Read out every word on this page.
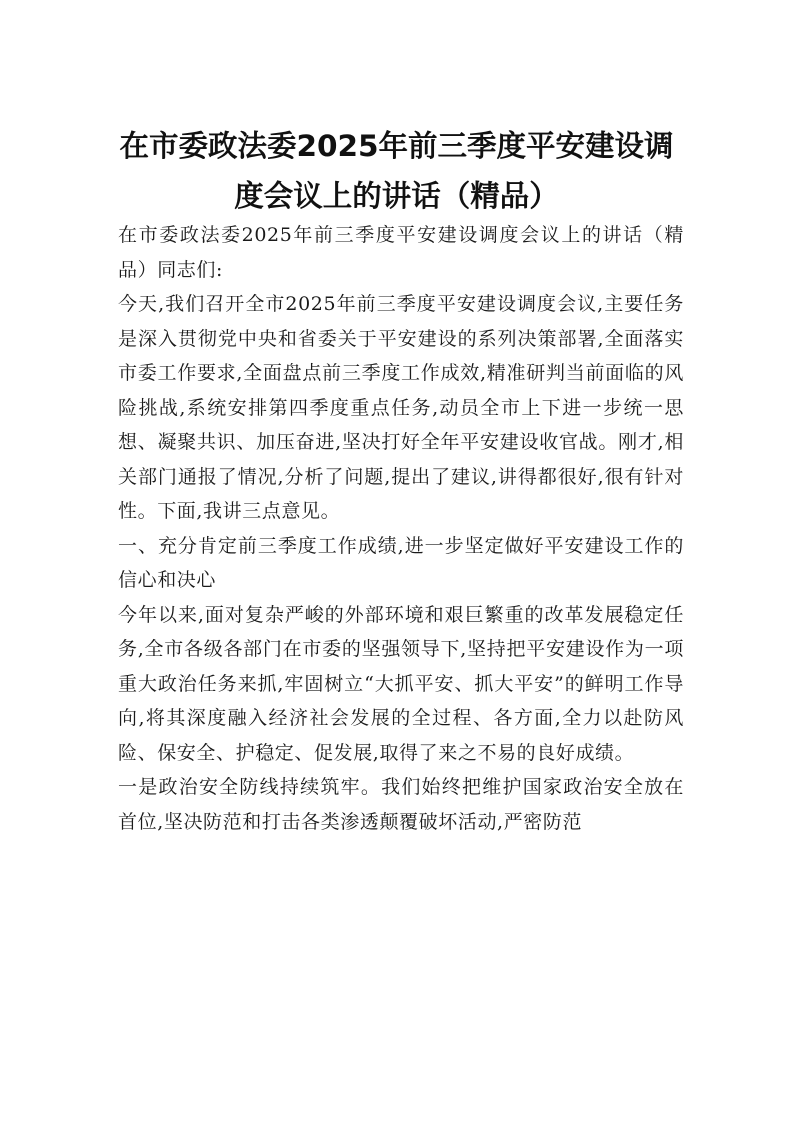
在市委政法委2025年前三季度平安建设调度会议上的讲话（精品）

在市委政法委2025年前三季度平安建设调度会议上的讲话（精品）同志们:

今天,我们召开全市2025年前三季度平安建设调度会议,主要任务是深入贯彻党中央和省委关于平安建设的系列决策部署,全面落实市委工作要求,全面盘点前三季度工作成效,精准研判当前面临的风险挑战,系统安排第四季度重点任务,动员全市上下进一步统一思想、凝聚共识、加压奋进,坚决打好全年平安建设收官战。刚才,相关部门通报了情况,分析了问题,提出了建议,讲得都很好,很有针对性。下面,我讲三点意见。

一、充分肯定前三季度工作成绩,进一步坚定做好平安建设工作的信心和决心

今年以来,面对复杂严峻的外部环境和艰巨繁重的改革发展稳定任务,全市各级各部门在市委的坚强领导下,坚持把平安建设作为一项重大政治任务来抓,牢固树立“大抓平安、抓大平安”的鲜明工作导向,将其深度融入经济社会发展的全过程、各方面,全力以赴防风险、保安全、护稳定、促发展,取得了来之不易的良好成绩。

一是政治安全防线持续筑牢。我们始终把维护国家政治安全放在首位,坚决防范和打击各类渗透颠覆破坏活动,严密防范
